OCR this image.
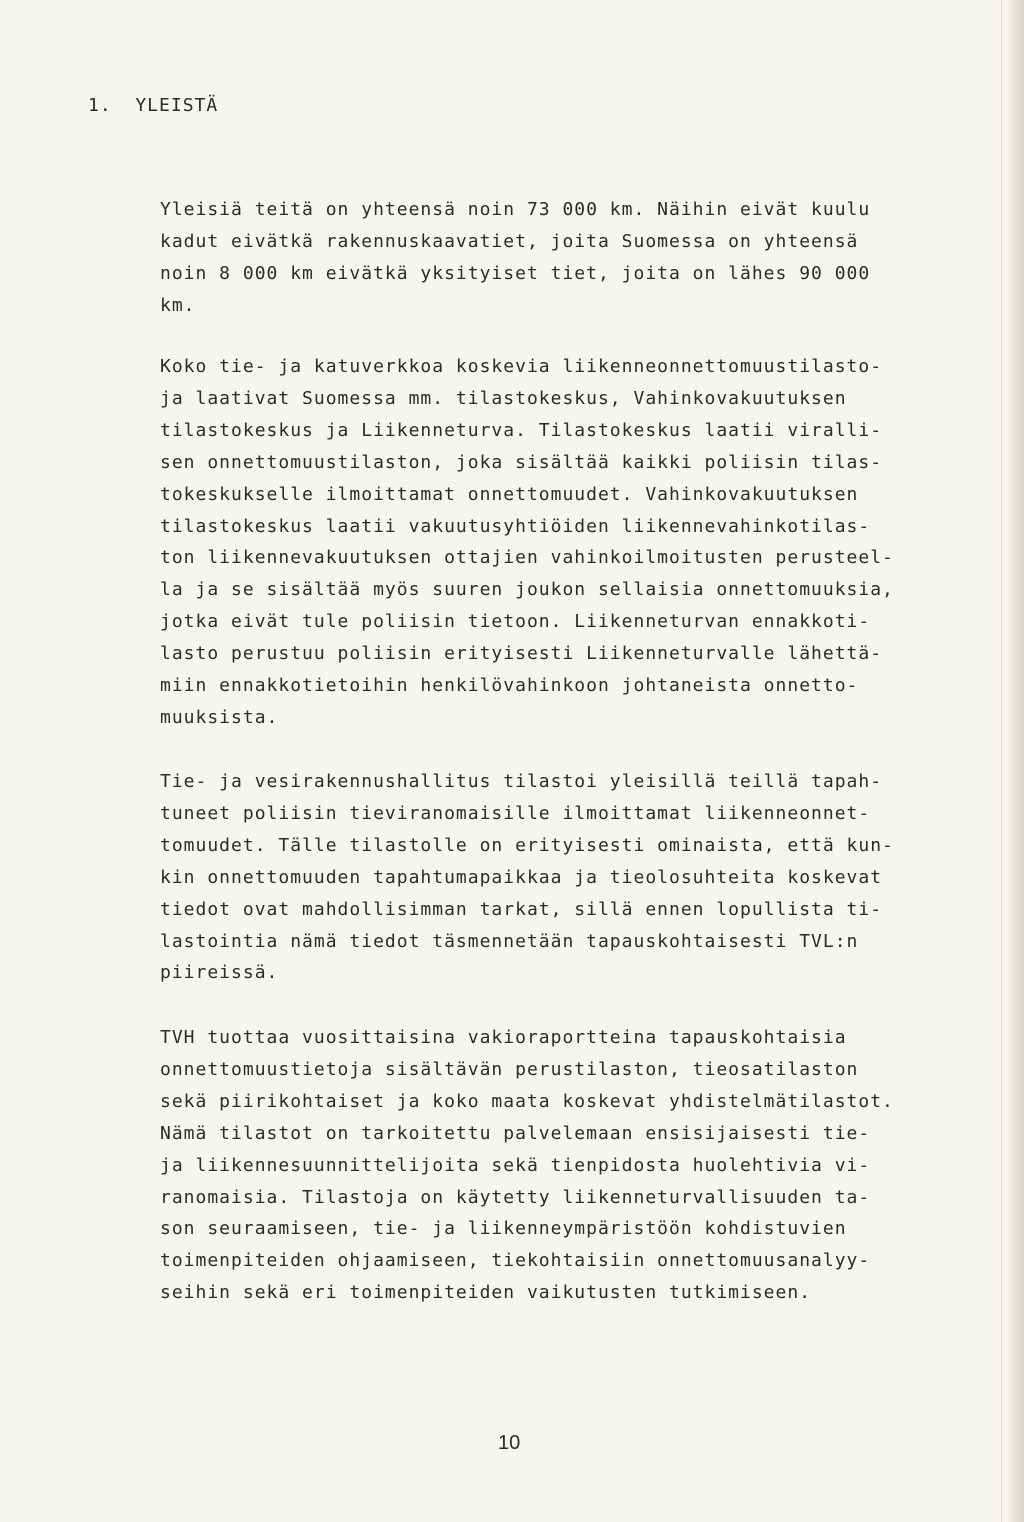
1.  YLEISTÄ

Yleisiä teitä on yhteensä noin 73 000 km. Näihin eivät kuulu
kadut eivätkä rakennuskaavatiet, joita Suomessa on yhteensä
noin 8 000 km eivätkä yksityiset tiet, joita on lähes 90 000
km.

Koko tie- ja katuverkkoa koskevia liikenneonnettomuustilasto-
ja laativat Suomessa mm. tilastokeskus, Vahinkovakuutuksen
tilastokeskus ja Liikenneturva. Tilastokeskus laatii viralli-
sen onnettomuustilaston, joka sisältää kaikki poliisin tilas-
tokeskukselle ilmoittamat onnettomuudet. Vahinkovakuutuksen
tilastokeskus laatii vakuutusyhtiöiden liikennevahinkotilas-
ton liikennevakuutuksen ottajien vahinkoilmoitusten perusteel-
la ja se sisältää myös suuren joukon sellaisia onnettomuuksia,
jotka eivät tule poliisin tietoon. Liikenneturvan ennakkoti-
lasto perustuu poliisin erityisesti Liikenneturvalle lähettä-
miin ennakkotietoihin henkilövahinkoon johtaneista onnetto-
muuksista.

Tie- ja vesirakennushallitus tilastoi yleisillä teillä tapah-
tuneet poliisin tieviranomaisille ilmoittamat liikenneonnet-
tomuudet. Tälle tilastolle on erityisesti ominaista, että kun-
kin onnettomuuden tapahtumapaikkaa ja tieolosuhteita koskevat
tiedot ovat mahdollisimman tarkat, sillä ennen lopullista ti-
lastointia nämä tiedot täsmennetään tapauskohtaisesti TVL:n
piireissä.

TVH tuottaa vuosittaisina vakioraportteina tapauskohtaisia
onnettomuustietoja sisältävän perustilaston, tieosatilaston
sekä piirikohtaiset ja koko maata koskevat yhdistelmätilastot.
Nämä tilastot on tarkoitettu palvelemaan ensisijaisesti tie-
ja liikennesuunnittelijoita sekä tienpidosta huolehtivia vi-
ranomaisia. Tilastoja on käytetty liikenneturvallisuuden ta-
son seuraamiseen, tie- ja liikenneympäristöön kohdistuvien
toimenpiteiden ohjaamiseen, tiekohtaisiin onnettomuusanalyy-
seihin sekä eri toimenpiteiden vaikutusten tutkimiseen.

10
